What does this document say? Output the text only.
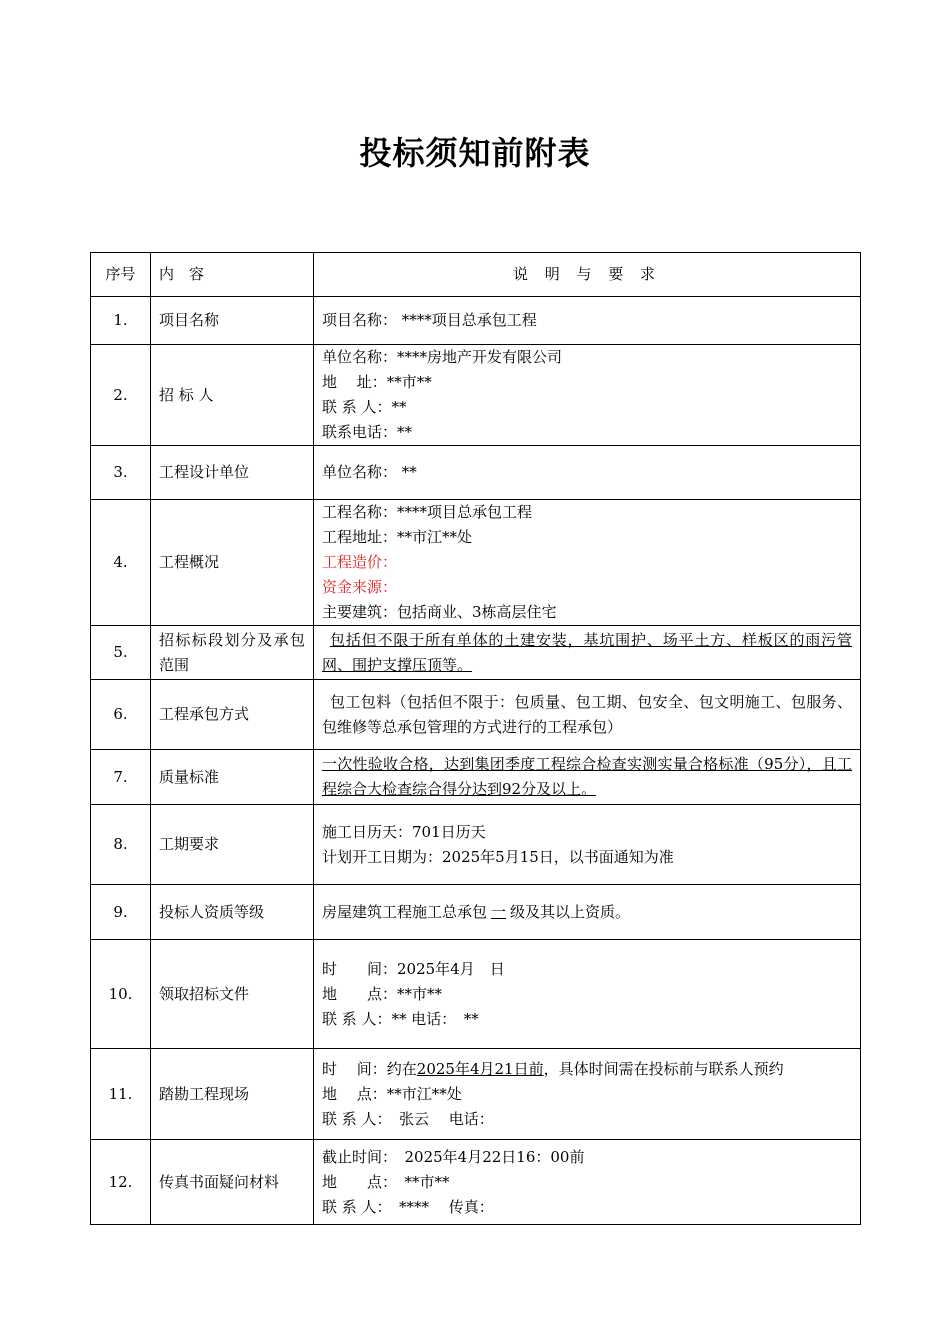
投标须知前附表
序号	内　容	说 明 与 要 求
1.	项目名称	项目名称： ****项目总承包工程

2.	招 标 人	单位名称：****房地产开发有限公司
地　 址：**市**
联 系 人：**
联系电话：**

3.	工程设计单位	单位名称： **

4.	工程概况	工程名称：****项目总承包工程
工程地址：**市江**处
工程造价：
资金来源：
主要建筑：包括商业、3栋高层住宅

5.	招标标段划分及承包范围	包括但不限于所有单体的土建安装，基坑围护、场平土方、样板区的雨污管网、围护支撑压顶等。
6.	工程承包方式	包工包料（包括但不限于：包质量、包工期、包安全、包文明施工、包服务、包维修等总承包管理的方式进行的工程承包）
7.	质量标准	一次性验收合格，达到集团季度工程综合检查实测实量合格标准（95分），且工程综合大检查综合得分达到92分及以上。
8.	工期要求	施工日历天：701日历天
计划开工日期为：2025年5月15日，以书面通知为准

9.	投标人资质等级	房屋建筑工程施工总承包 一 级及其以上资质。
10.	领取招标文件	时　　间：2025年4月　日
地　　点：**市**
联 系 人：** 电话：　**

11.	踏勘工程现场	时　 间：约在2025年4月21日前，具体时间需在投标前与联系人预约
地　 点：**市江**处
联 系 人：　张云　 电话：

12.	传真书面疑问材料	截止时间：　2025年4月22日16：00前
地　　点：　**市**
联 系 人：　****　 传真：
